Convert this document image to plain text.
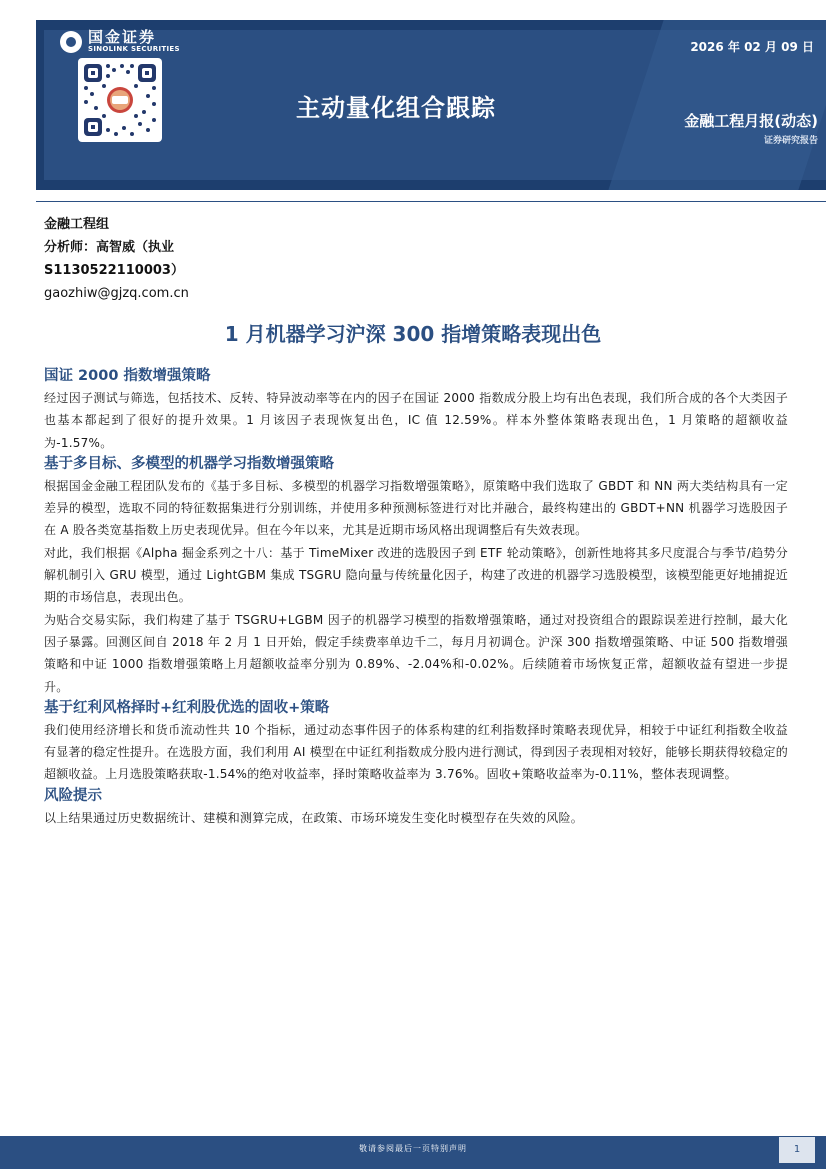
国金证券
SINOLINK SECURITIES	2026 年 02 月 09 日
主动量化组合跟踪	金融工程月报(动态)
证券研究报告
金融工程组
分析师：高智威（执业
S1130522110003）
gaozhiw@gjzq.com.cn
1 月机器学习沪深 300 指增策略表现出色
国证 2000 指数增强策略

经过因子测试与筛选，包括技术、反转、特异波动率等在内的因子在国证 2000 指数成分股上均有出色表现，我们所合成的各个大类因子也基本都起到了很好的提升效果。1 月该因子表现恢复出色，IC 值 12.59%。样本外整体策略表现出色，1 月策略的超额收益为-1.57%。

基于多目标、多模型的机器学习指数增强策略

根据国金金融工程团队发布的《基于多目标、多模型的机器学习指数增强策略》，原策略中我们选取了 GBDT 和 NN 两大类结构具有一定差异的模型，选取不同的特征数据集进行分别训练，并使用多种预测标签进行对比并融合，最终构建出的 GBDT+NN 机器学习选股因子在 A 股各类宽基指数上历史表现优异。但在今年以来，尤其是近期市场风格出现调整后有失效表现。

对此，我们根据《Alpha 掘金系列之十八：基于 TimeMixer 改进的选股因子到 ETF 轮动策略》，创新性地将其多尺度混合与季节/趋势分解机制引入 GRU 模型，通过 LightGBM 集成 TSGRU 隐向量与传统量化因子，构建了改进的机器学习选股模型，该模型能更好地捕捉近期的市场信息，表现出色。

为贴合交易实际，我们构建了基于 TSGRU+LGBM 因子的机器学习模型的指数增强策略，通过对投资组合的跟踪误差进行控制，最大化因子暴露。回测区间自 2018 年 2 月 1 日开始，假定手续费率单边千二，每月月初调仓。沪深 300 指数增强策略、中证 500 指数增强策略和中证 1000 指数增强策略上月超额收益率分别为 0.89%、-2.04%和-0.02%。后续随着市场恢复正常，超额收益有望进一步提升。

基于红利风格择时+红利股优选的固收+策略

我们使用经济增长和货币流动性共 10 个指标，通过动态事件因子的体系构建的红利指数择时策略表现优异，相较于中证红利指数全收益有显著的稳定性提升。在选股方面，我们利用 AI 模型在中证红利指数成分股内进行测试，得到因子表现相对较好，能够长期获得较稳定的超额收益。上月选股策略获取-1.54%的绝对收益率，择时策略收益率为 3.76%。固收+策略收益率为-0.11%，整体表现调整。

风险提示

以上结果通过历史数据统计、建模和测算完成，在政策、市场环境发生变化时模型存在失效的风险。

敬请参阅最后一页特别声明	1
